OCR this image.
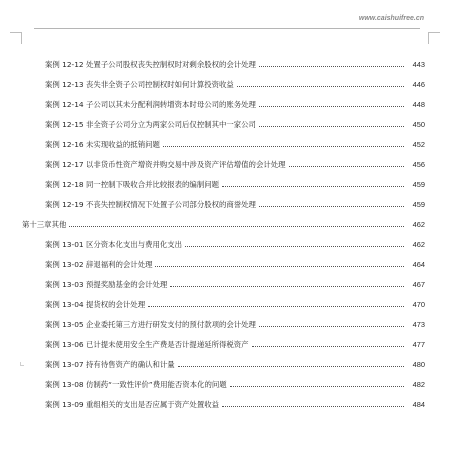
www.caishuifree.cn
案例 12-12 处置子公司股权丧失控制权时对剩余股权的会计处理	443
案例 12-13 丧失非全资子公司控制权时如何计算投资收益	446
案例 12-14 子公司以其未分配利润转增资本时母公司的账务处理	448
案例 12-15 非全资子公司分立为两家公司后仅控制其中一家公司	450
案例 12-16 未实现收益的抵销问题	452
案例 12-17 以非货币性资产增资并购交易中涉及资产评估增值的会计处理	456
案例 12-18 同一控制下吸收合并比较报表的编制问题	459
案例 12-19 不丧失控制权情况下处置子公司部分股权的商誉处理	459
第十三章其他	462
案例 13-01 区分资本化支出与费用化支出	462
案例 13-02 辞退福利的会计处理	464
案例 13-03 预提奖励基金的会计处理	467
案例 13-04 提货权的会计处理	470
案例 13-05 企业委托第三方进行研发支付的预付款项的会计处理	473
案例 13-06 已计提未使用安全生产费是否计提递延所得税资产	477
案例 13-07 持有待售资产的确认和计量	480
案例 13-08 仿制药“一致性评价”费用能否资本化的问题	482
案例 13-09 重组相关的支出是否应属于资产处置收益	484
